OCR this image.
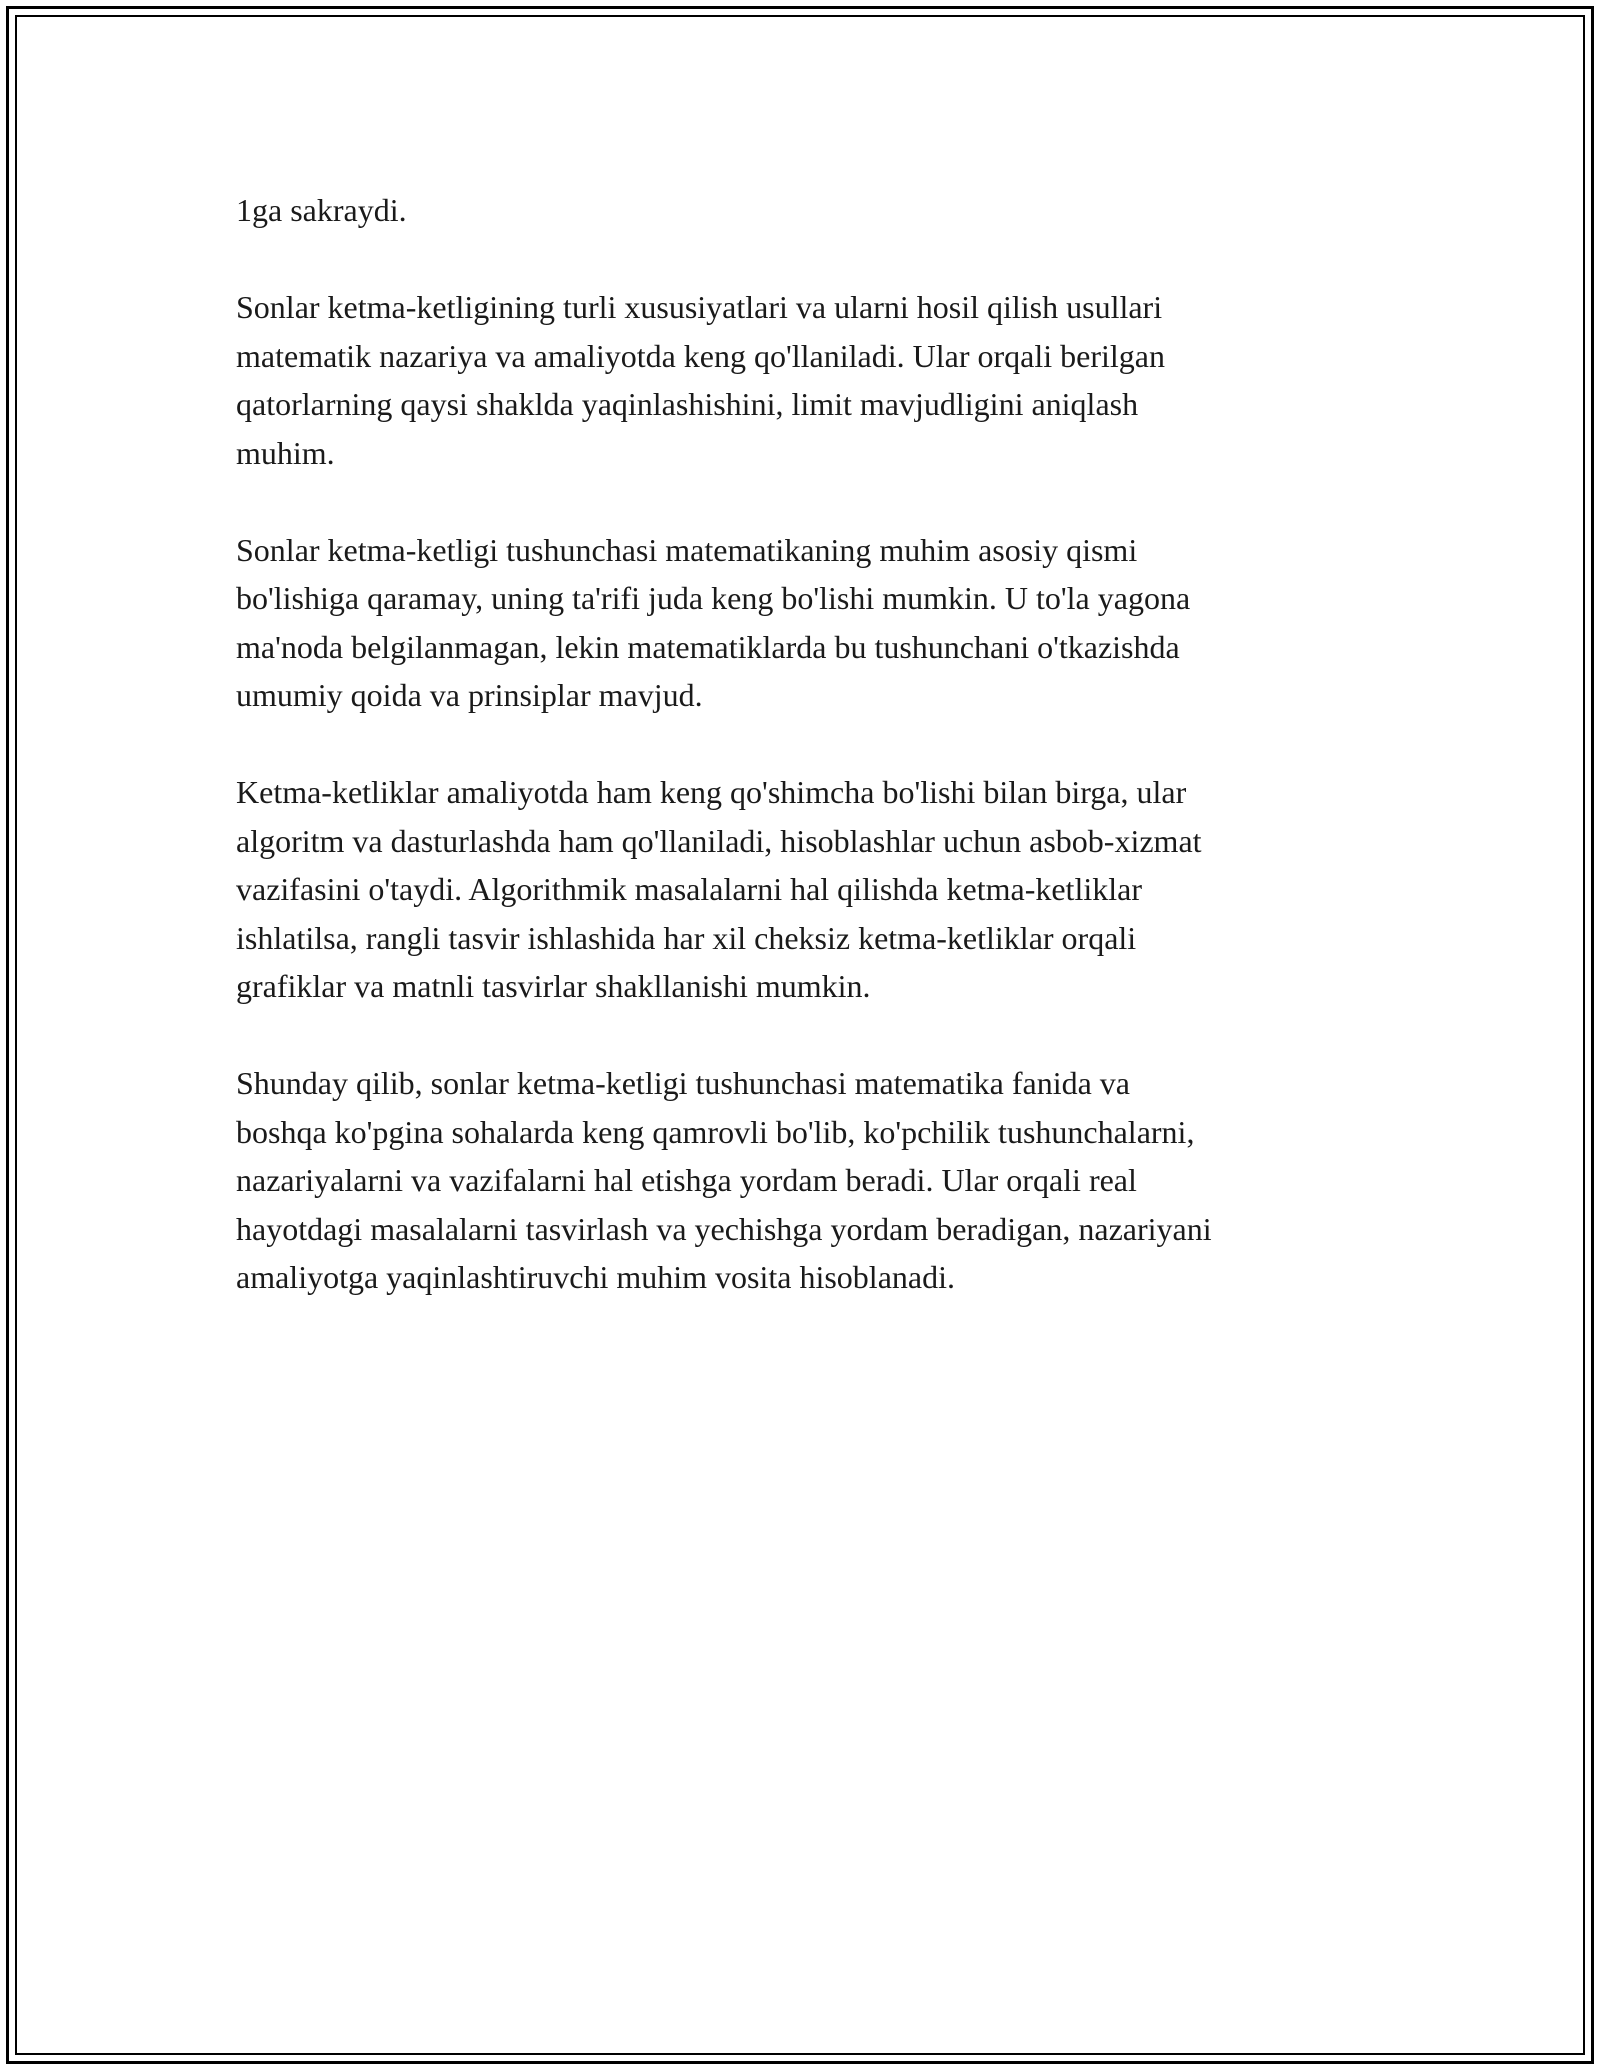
1ga sakraydi.

Sonlar ketma-ketligining turli xususiyatlari va ularni hosil qilish usullari
matematik nazariya va amaliyotda keng qo'llaniladi. Ular orqali berilgan
qatorlarning qaysi shaklda yaqinlashishini, limit mavjudligini aniqlash
muhim.

Sonlar ketma-ketligi tushunchasi matematikaning muhim asosiy qismi
bo'lishiga qaramay, uning ta'rifi juda keng bo'lishi mumkin. U to'la yagona
ma'noda belgilanmagan, lekin matematiklarda bu tushunchani o'tkazishda
umumiy qoida va prinsiplar mavjud.

Ketma-ketliklar amaliyotda ham keng qo'shimcha bo'lishi bilan birga, ular
algoritm va dasturlashda ham qo'llaniladi, hisoblashlar uchun asbob-xizmat
vazifasini o'taydi. Algorithmik masalalarni hal qilishda ketma-ketliklar
ishlatilsa, rangli tasvir ishlashida har xil cheksiz ketma-ketliklar orqali
grafiklar va matnli tasvirlar shakllanishi mumkin.

Shunday qilib, sonlar ketma-ketligi tushunchasi matematika fanida va
boshqa ko'pgina sohalarda keng qamrovli bo'lib, ko'pchilik tushunchalarni,
nazariyalarni va vazifalarni hal etishga yordam beradi. Ular orqali real
hayotdagi masalalarni tasvirlash va yechishga yordam beradigan, nazariyani
amaliyotga yaqinlashtiruvchi muhim vosita hisoblanadi.
